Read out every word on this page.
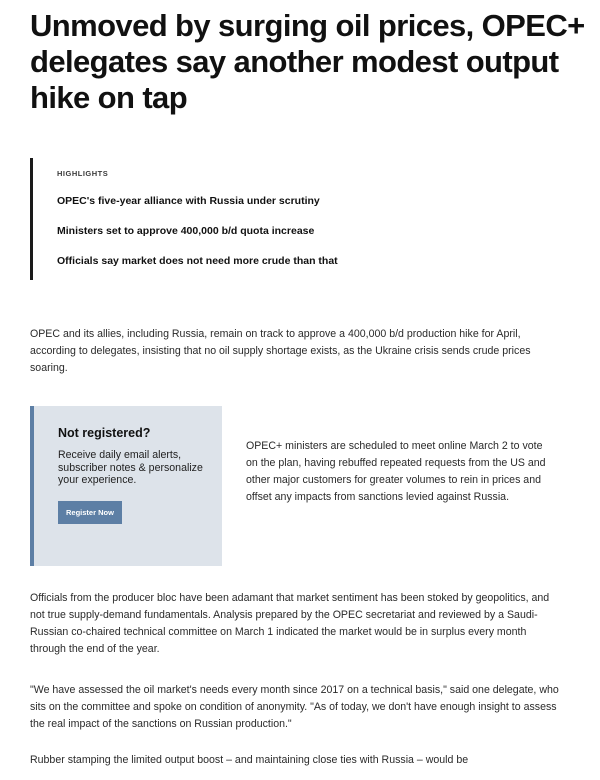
Unmoved by surging oil prices, OPEC+ delegates say another modest output hike on tap
HIGHLIGHTS
OPEC's five-year alliance with Russia under scrutiny
Ministers set to approve 400,000 b/d quota increase
Officials say market does not need more crude than that

OPEC and its allies, including Russia, remain on track to approve a 400,000 b/d production hike for April, according to delegates, insisting that no oil supply shortage exists, as the Ukraine crisis sends crude prices soaring.

Not registered?
Receive daily email alerts, subscriber notes & personalize your experience.
Register Now

OPEC+ ministers are scheduled to meet online March 2 to vote on the plan, having rebuffed repeated requests from the US and other major customers for greater volumes to rein in prices and offset any impacts from sanctions levied against Russia.

Officials from the producer bloc have been adamant that market sentiment has been stoked by geopolitics, and not true supply-demand fundamentals. Analysis prepared by the OPEC secretariat and reviewed by a Saudi-Russian co-chaired technical committee on March 1 indicated the market would be in surplus every month through the end of the year.

"We have assessed the oil market's needs every month since 2017 on a technical basis," said one delegate, who sits on the committee and spoke on condition of anonymity. "As of today, we don't have enough insight to assess the real impact of the sanctions on Russian production."

Rubber stamping the limited output boost – and maintaining close ties with Russia – would be
